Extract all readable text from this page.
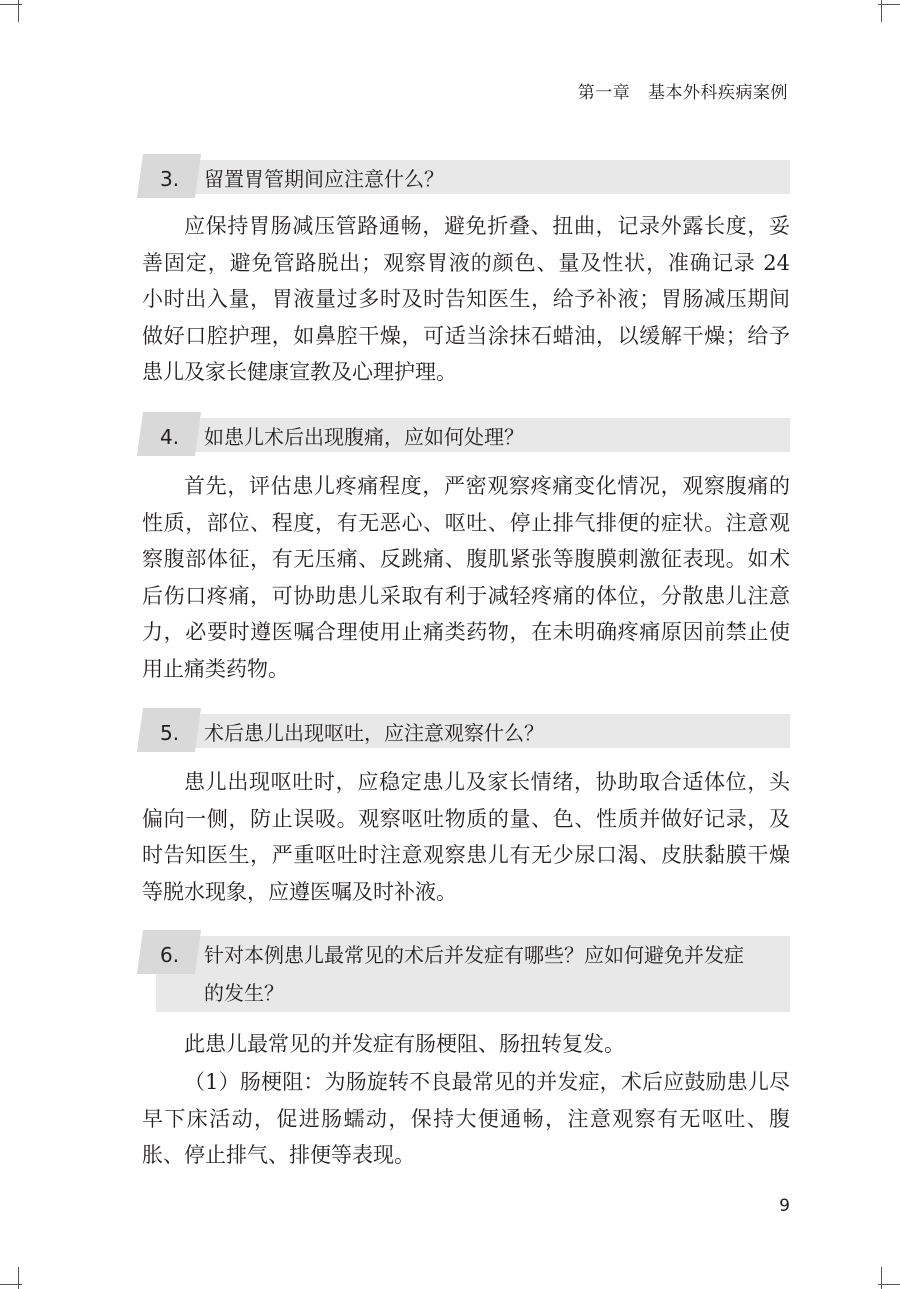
第一章 基本外科疾病案例
3. 留置胃管期间应注意什么？

应保持胃肠减压管路通畅，避免折叠、扭曲，记录外露长度，妥善固定，避免管路脱出；观察胃液的颜色、量及性状，准确记录 24 小时出入量，胃液量过多时及时告知医生，给予补液；胃肠减压期间做好口腔护理，如鼻腔干燥，可适当涂抹石蜡油，以缓解干燥；给予患儿及家长健康宣教及心理护理。

4. 如患儿术后出现腹痛，应如何处理？

首先，评估患儿疼痛程度，严密观察疼痛变化情况，观察腹痛的性质，部位、程度，有无恶心、呕吐、停止排气排便的症状。注意观察腹部体征，有无压痛、反跳痛、腹肌紧张等腹膜刺激征表现。如术后伤口疼痛，可协助患儿采取有利于减轻疼痛的体位，分散患儿注意力，必要时遵医嘱合理使用止痛类药物，在未明确疼痛原因前禁止使用止痛类药物。

5. 术后患儿出现呕吐，应注意观察什么？

患儿出现呕吐时，应稳定患儿及家长情绪，协助取合适体位，头偏向一侧，防止误吸。观察呕吐物质的量、色、性质并做好记录，及时告知医生，严重呕吐时注意观察患儿有无少尿口渴、皮肤黏膜干燥等脱水现象，应遵医嘱及时补液。

6. 针对本例患儿最常见的术后并发症有哪些？应如何避免并发症的发生？

此患儿最常见的并发症有肠梗阻、肠扭转复发。

（1）肠梗阻：为肠旋转不良最常见的并发症，术后应鼓励患儿尽早下床活动，促进肠蠕动，保持大便通畅，注意观察有无呕吐、腹胀、停止排气、排便等表现。

9
